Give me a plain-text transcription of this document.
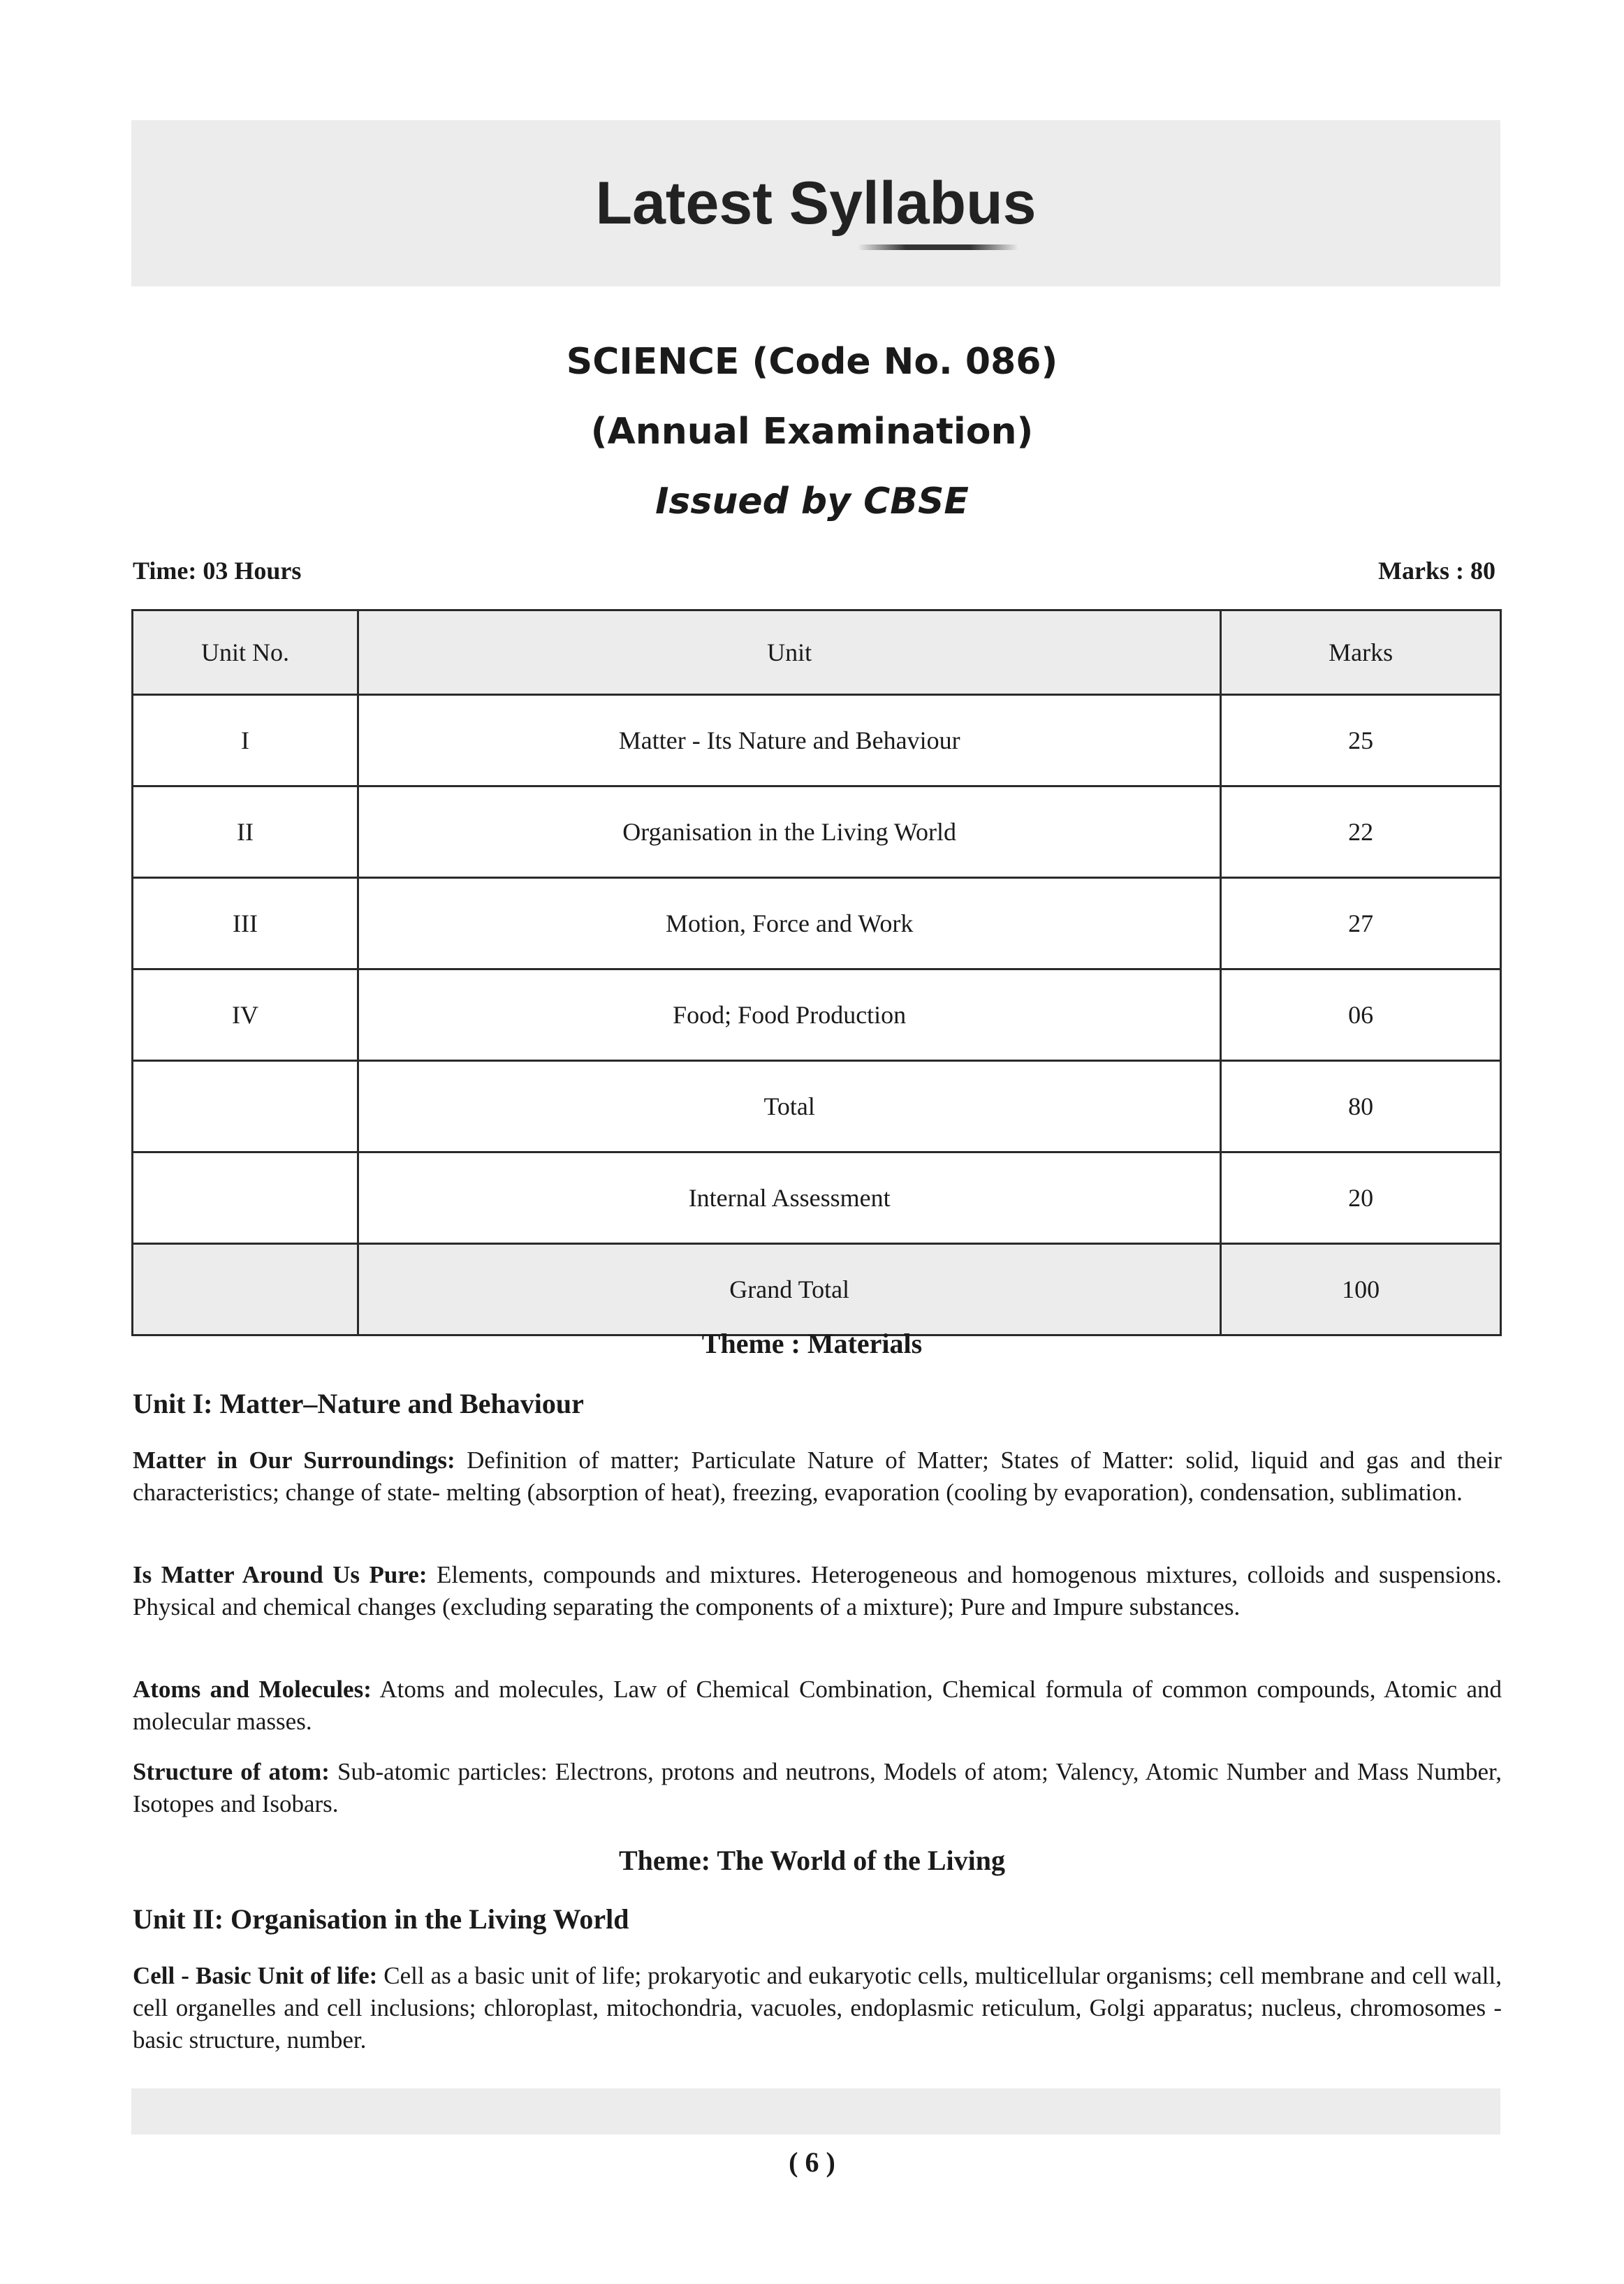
Latest Syllabus
SCIENCE (Code No. 086)
(Annual Examination)
Issued by CBSE
Time: 03 Hours	Marks : 80
Unit No.	Unit	Marks
I	Matter - Its Nature and Behaviour	25
II	Organisation in the Living World	22
III	Motion, Force and Work	27
IV	Food; Food Production	06
	Total	80
	Internal Assessment	20
	Grand Total	100
Theme : Materials
Unit I: Matter–Nature and Behaviour
Matter in Our Surroundings: Definition of matter; Particulate Nature of Matter; States of Matter: solid, liquid and gas and their characteristics; change of state- melting (absorption of heat), freezing, evaporation (cooling by evaporation), condensation, sublimation.
Is Matter Around Us Pure: Elements, compounds and mixtures. Heterogeneous and homogenous mixtures, colloids and suspensions. Physical and chemical changes (excluding separating the components of a mixture); Pure and Impure substances.
Atoms and Molecules: Atoms and molecules, Law of Chemical Combination, Chemical formula of common compounds, Atomic and molecular masses.
Structure of atom: Sub-atomic particles: Electrons, protons and neutrons, Models of atom; Valency, Atomic Number and Mass Number, Isotopes and Isobars.
Theme: The World of the Living
Unit II: Organisation in the Living World
Cell - Basic Unit of life: Cell as a basic unit of life; prokaryotic and eukaryotic cells, multicellular organisms; cell membrane and cell wall, cell organelles and cell inclusions; chloroplast, mitochondria, vacuoles, endoplasmic reticulum, Golgi apparatus; nucleus, chromosomes - basic structure, number.
( 6 )
